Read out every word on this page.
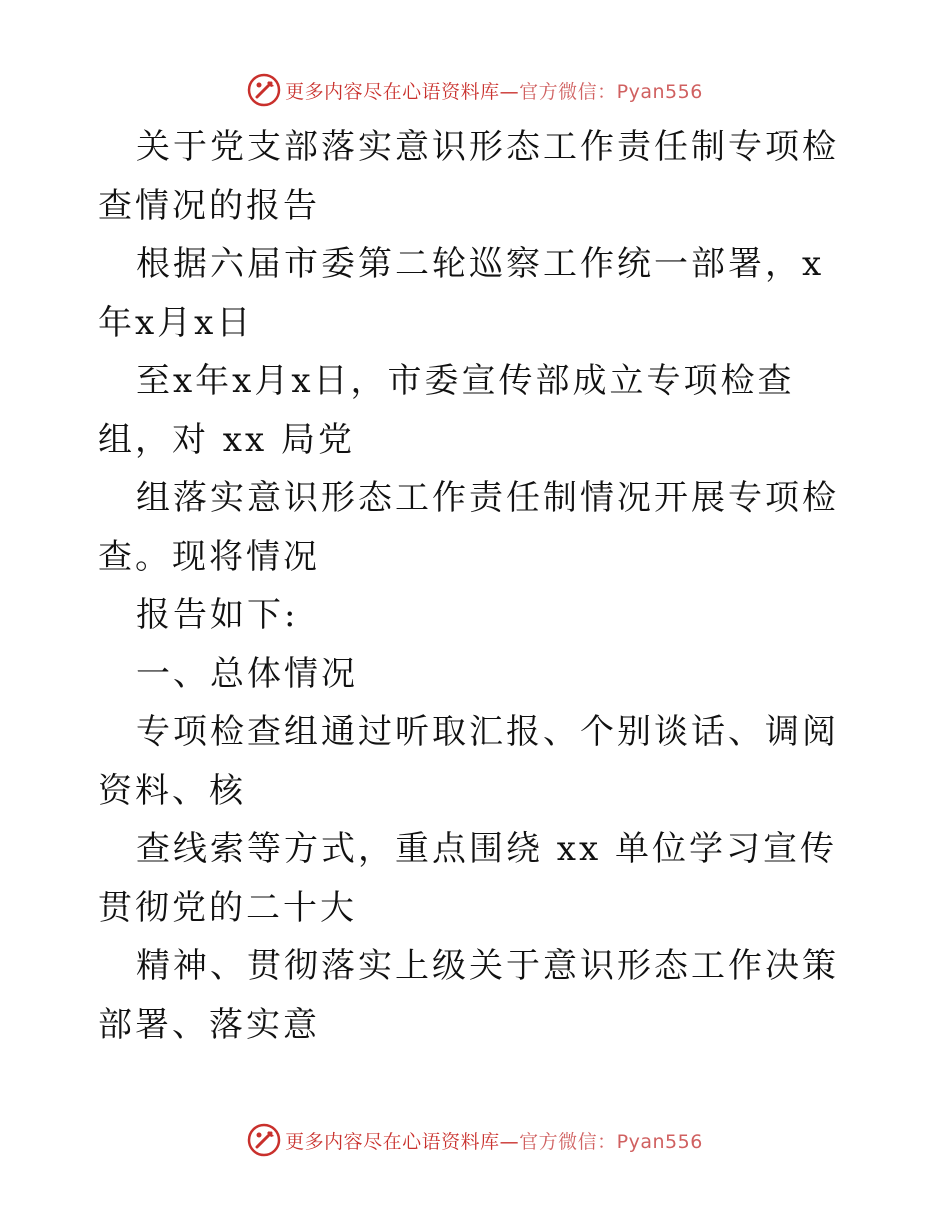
更多内容尽在心语资料库—官方微信：Pyan556

关于党支部落实意识形态工作责任制专项检查情况的报告

根据六届市委第二轮巡察工作统一部署，x年x月x日

至x年x月x日，市委宣传部成立专项检查组，对 xx 局党

组落实意识形态工作责任制情况开展专项检查。现将情况

报告如下:

一、总体情况

专项检查组通过听取汇报、个别谈话、调阅资料、核

查线索等方式，重点围绕 xx 单位学习宣传贯彻党的二十大

精神、贯彻落实上级关于意识形态工作决策部署、落实意

更多内容尽在心语资料库—官方微信：Pyan556
